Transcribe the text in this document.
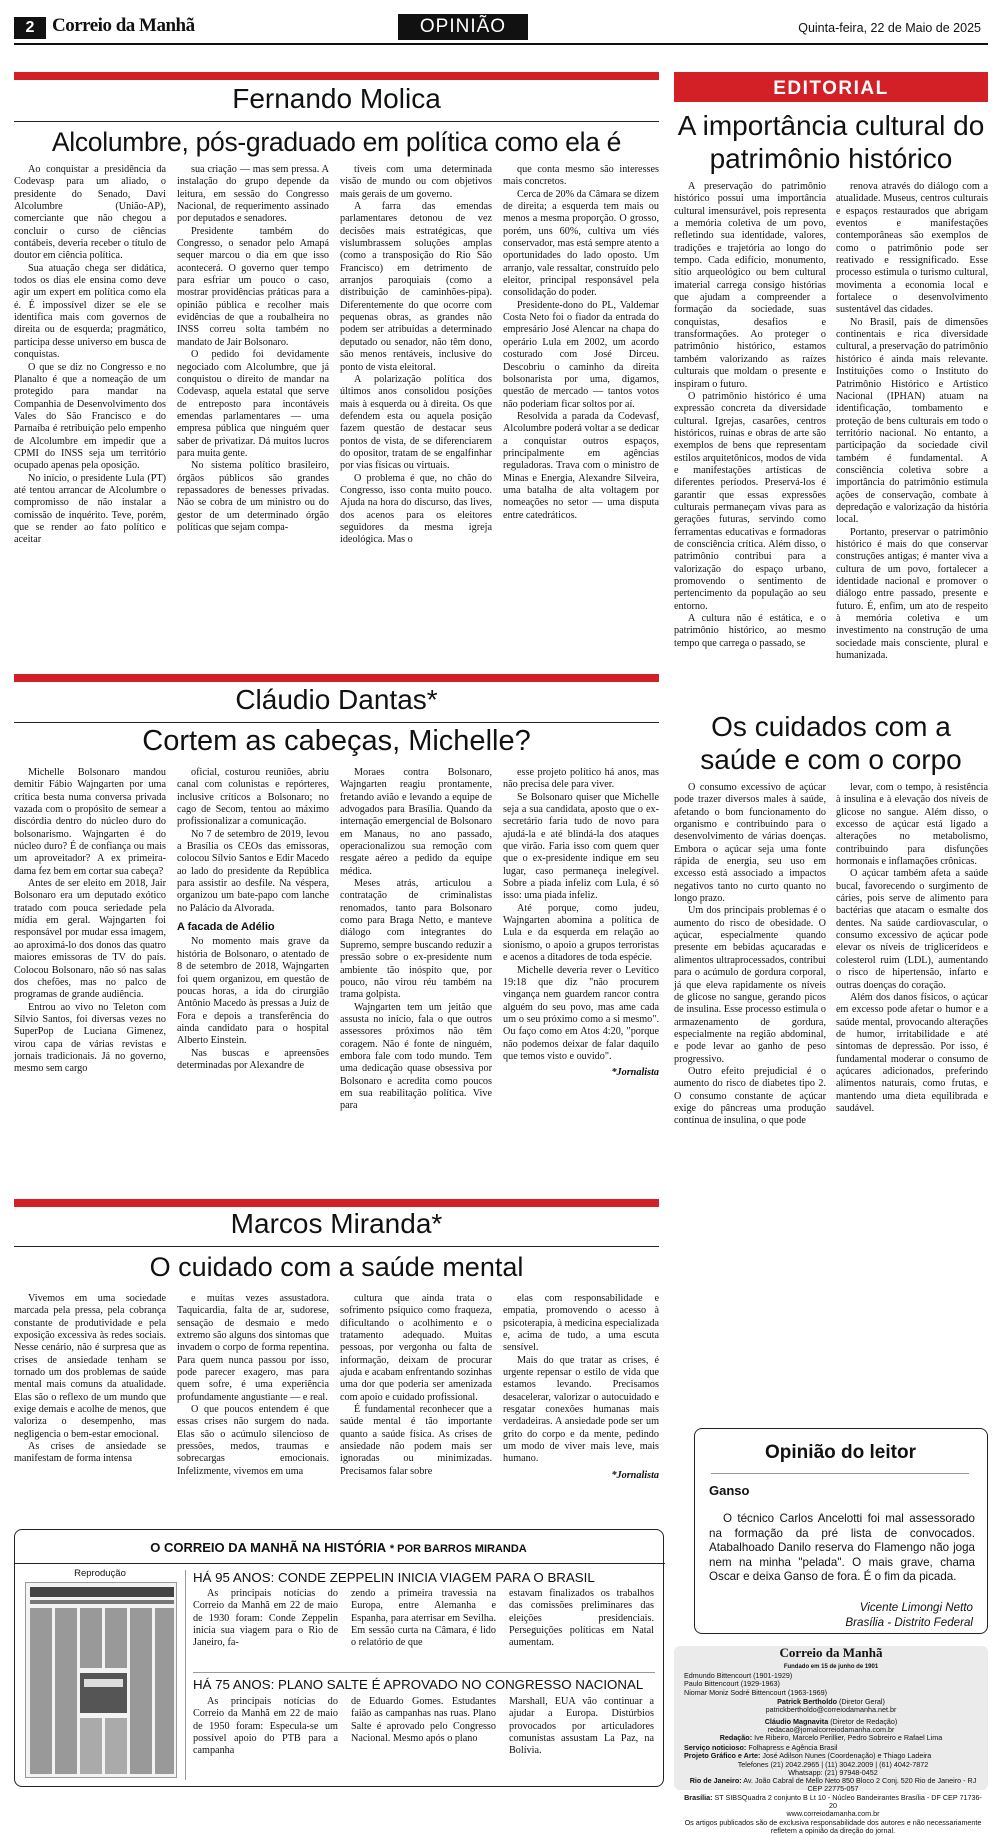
2 Correio da Manhã	OPINIÃO	Quinta-feira, 22 de Maio de 2025
Fernando Molica
Alcolumbre, pós-graduado em política como ela é

Ao conquistar a presidência da Codevasp para um aliado, o presidente do Senado, Davi Alcolumbre (União-AP), comerciante que não chegou a concluir o curso de ciências contábeis, deveria receber o título de doutor em ciência política.

Sua atuação chega ser didática, todos os dias ele ensina como deve agir um expert em política como ela é. É impossível dizer se ele se identifica mais com governos de direita ou de esquerda; pragmático, participa desse universo em busca de conquistas.

O que se diz no Congresso e no Planalto é que a nomeação de um protegido para mandar na Companhia de Desenvolvimento dos Vales do São Francisco e do Parnaíba é retribuição pelo empenho de Alcolumbre em impedir que a CPMI do INSS seja um território ocupado apenas pela oposição.

No início, o presidente Lula (PT) até tentou arrancar de Alcolumbre o compromisso de não instalar a comissão de inquérito. Teve, porém, que se render ao fato político e aceitar

sua criação — mas sem pressa. A instalação do grupo depende da leitura, em sessão do Congresso Nacional, de requerimento assinado por deputados e senadores.

Presidente também do Congresso, o senador pelo Amapá sequer marcou o dia em que isso acontecerá. O governo quer tempo para esfriar um pouco o caso, mostrar providências práticas para a opinião pública e recolher mais evidências de que a roubalheira no INSS correu solta também no mandato de Jair Bolsonaro.

O pedido foi devidamente negociado com Alcolumbre, que já conquistou o direito de mandar na Codevasp, aquela estatal que serve de entreposto para incontáveis emendas parlamentares — uma empresa pública que ninguém quer saber de privatizar. Dá muitos lucros para muita gente.

No sistema político brasileiro, órgãos públicos são grandes repassadores de benesses privadas. Não se cobra de um ministro ou do gestor de um determinado órgão políticas que sejam compa-

tíveis com uma determinada visão de mundo ou com objetivos mais gerais de um governo.

A farra das emendas parlamentares detonou de vez decisões mais estratégicas, que vislumbrassem soluções amplas (como a transposição do Rio São Francisco) em detrimento de arranjos paroquiais (como a distribuição de caminhões-pipa). Diferentemente do que ocorre com pequenas obras, as grandes não podem ser atribuídas a determinado deputado ou senador, não têm dono, são menos rentáveis, inclusive do ponto de vista eleitoral.

A polarização política dos últimos anos consolidou posições mais à esquerda ou à direita. Os que defendem esta ou aquela posição fazem questão de destacar seus pontos de vista, de se diferenciarem do opositor, tratam de se engalfinhar por vias físicas ou virtuais.

O problema é que, no chão do Congresso, isso conta muito pouco. Ajuda na hora do discurso, das lives, dos acenos para os eleitores seguidores da mesma igreja ideológica. Mas o

que conta mesmo são interesses mais concretos.

Cerca de 20% da Câmara se dizem de direita; a esquerda tem mais ou menos a mesma proporção. O grosso, porém, uns 60%, cultiva um viés conservador, mas está sempre atento a oportunidades do lado oposto. Um arranjo, vale ressaltar, construído pelo eleitor, principal responsável pela consolidação do poder.

Presidente-dono do PL, Valdemar Costa Neto foi o fiador da entrada do empresário José Alencar na chapa do operário Lula em 2002, um acordo costurado com José Dirceu. Descobriu o caminho da direita bolsonarista por uma, digamos, questão de mercado — tantos votos não poderiam ficar soltos por aí.

Resolvida a parada da Codevasf, Alcolumbre poderá voltar a se dedicar a conquistar outros espaços, principalmente em agências reguladoras. Trava com o ministro de Minas e Energia, Alexandre Silveira, uma batalha de alta voltagem por nomeações no setor — uma disputa entre catedráticos.

EDITORIAL
A importância cultural do patrimônio histórico

A preservação do patrimônio histórico possui uma importância cultural imensurável, pois representa a memória coletiva de um povo, refletindo sua identidade, valores, tradições e trajetória ao longo do tempo. Cada edifício, monumento, sítio arqueológico ou bem cultural imaterial carrega consigo histórias que ajudam a compreender a formação da sociedade, suas conquistas, desafios e transformações. Ao proteger o patrimônio histórico, estamos também valorizando as raízes culturais que moldam o presente e inspiram o futuro.

O patrimônio histórico é uma expressão concreta da diversidade cultural. Igrejas, casarões, centros históricos, ruínas e obras de arte são exemplos de bens que representam estilos arquitetônicos, modos de vida e manifestações artísticas de diferentes períodos. Preservá-los é garantir que essas expressões culturais permaneçam vivas para as gerações futuras, servindo como ferramentas educativas e formadoras de consciência crítica. Além disso, o patrimônio contribui para a valorização do espaço urbano, promovendo o sentimento de pertencimento da população ao seu entorno.

A cultura não é estática, e o patrimônio histórico, ao mesmo tempo que carrega o passado, se

renova através do diálogo com a atualidade. Museus, centros culturais e espaços restaurados que abrigam eventos e manifestações contemporâneas são exemplos de como o patrimônio pode ser reativado e ressignificado. Esse processo estimula o turismo cultural, movimenta a economia local e fortalece o desenvolvimento sustentável das cidades.

No Brasil, país de dimensões continentais e rica diversidade cultural, a preservação do patrimônio histórico é ainda mais relevante. Instituições como o Instituto do Patrimônio Histórico e Artístico Nacional (IPHAN) atuam na identificação, tombamento e proteção de bens culturais em todo o território nacional. No entanto, a participação da sociedade civil também é fundamental. A consciência coletiva sobre a importância do patrimônio estimula ações de conservação, combate à depredação e valorização da história local.

Portanto, preservar o patrimônio histórico é mais do que conservar construções antigas; é manter viva a cultura de um povo, fortalecer a identidade nacional e promover o diálogo entre passado, presente e futuro. É, enfim, um ato de respeito à memória coletiva e um investimento na construção de uma sociedade mais consciente, plural e humanizada.

Os cuidados com a saúde e com o corpo

O consumo excessivo de açúcar pode trazer diversos males à saúde, afetando o bom funcionamento do organismo e contribuindo para o desenvolvimento de várias doenças. Embora o açúcar seja uma fonte rápida de energia, seu uso em excesso está associado a impactos negativos tanto no curto quanto no longo prazo.

Um dos principais problemas é o aumento do risco de obesidade. O açúcar, especialmente quando presente em bebidas açucaradas e alimentos ultraprocessados, contribui para o acúmulo de gordura corporal, já que eleva rapidamente os níveis de glicose no sangue, gerando picos de insulina. Esse processo estimula o armazenamento de gordura, especialmente na região abdominal, e pode levar ao ganho de peso progressivo.

Outro efeito prejudicial é o aumento do risco de diabetes tipo 2. O consumo constante de açúcar exige do pâncreas uma produção contínua de insulina, o que pode

levar, com o tempo, à resistência à insulina e à elevação dos níveis de glicose no sangue. Além disso, o excesso de açúcar está ligado a alterações no metabolismo, contribuindo para disfunções hormonais e inflamações crônicas.

O açúcar também afeta a saúde bucal, favorecendo o surgimento de cáries, pois serve de alimento para bactérias que atacam o esmalte dos dentes. Na saúde cardiovascular, o consumo excessivo de açúcar pode elevar os níveis de triglicerídeos e colesterol ruim (LDL), aumentando o risco de hipertensão, infarto e outras doenças do coração.

Além dos danos físicos, o açúcar em excesso pode afetar o humor e a saúde mental, provocando alterações de humor, irritabilidade e até sintomas de depressão. Por isso, é fundamental moderar o consumo de açúcares adicionados, preferindo alimentos naturais, como frutas, e mantendo uma dieta equilibrada e saudável.

Cláudio Dantas*
Cortem as cabeças, Michelle?

Michelle Bolsonaro mandou demitir Fábio Wajngarten por uma crítica besta numa conversa privada vazada com o propósito de semear a discórdia dentro do núcleo duro do bolsonarismo. Wajngarten é do núcleo duro? É de confiança ou mais um aproveitador? A ex primeira-dama fez bem em cortar sua cabeça?

Antes de ser eleito em 2018, Jair Bolsonaro era um deputado exótico tratado com pouca seriedade pela mídia em geral. Wajngarten foi responsável por mudar essa imagem, ao aproximá-lo dos donos das quatro maiores emissoras de TV do país. Colocou Bolsonaro, não só nas salas dos chefões, mas no palco de programas de grande audiência.

Entrou ao vivo no Teleton com Sílvio Santos, foi diversas vezes no SuperPop de Luciana Gimenez, virou capa de várias revistas e jornais tradicionais. Já no governo, mesmo sem cargo

oficial, costurou reuniões, abriu canal com colunistas e repórteres, inclusive críticos a Bolsonaro; no cago de Secom, tentou ao máximo profissionalizar a comunicação.

No 7 de setembro de 2019, levou a Brasília os CEOs das emissoras, colocou Sílvio Santos e Edir Macedo ao lado do presidente da República para assistir ao desfile. Na véspera, organizou um bate-papo com lanche no Palácio da Alvorada.

A facada de Adélio

No momento mais grave da história de Bolsonaro, o atentado de 8 de setembro de 2018, Wajngarten foi quem organizou, em questão de poucas horas, a ida do cirurgião Antônio Macedo às pressas a Juiz de Fora e depois a transferência do ainda candidato para o hospital Alberto Einstein.

Nas buscas e apreensões determinadas por Alexandre de

Moraes contra Bolsonaro, Wajngarten reagiu prontamente, fretando avião e levando a equipe de advogados para Brasília. Quando da internação emergencial de Bolsonaro em Manaus, no ano passado, operacionalizou sua remoção com resgate aéreo a pedido da equipe médica.

Meses atrás, articulou a contratação de criminalistas renomados, tanto para Bolsonaro como para Braga Netto, e manteve diálogo com integrantes do Supremo, sempre buscando reduzir a pressão sobre o ex-presidente num ambiente tão inóspito que, por pouco, não virou réu também na trama golpista.

Wajngarten tem um jeitão que assusta no início, fala o que outros assessores próximos não têm coragem. Não é fonte de ninguém, embora fale com todo mundo. Tem uma dedicação quase obsessiva por Bolsonaro e acredita como poucos em sua reabilitação política. Vive para

esse projeto político há anos, mas não precisa dele para viver.

Se Bolsonaro quiser que Michelle seja a sua candidata, aposto que o ex-secretário faria tudo de novo para ajudá-la e até blindá-la dos ataques que virão. Faria isso com quem quer que o ex-presidente indique em seu lugar, caso permaneça inelegível. Sobre a piada infeliz com Lula, é só isso: uma piada infeliz.

Até porque, como judeu, Wajngarten abomina a política de Lula e da esquerda em relação ao sionismo, o apoio a grupos terroristas e acenos a ditadores de toda espécie.

Michelle deveria rever o Levítico 19:18 que diz "não procurem vingança nem guardem rancor contra alguém do seu povo, mas ame cada um o seu próximo como a si mesmo". Ou faço como em Atos 4:20, "porque não podemos deixar de falar daquilo que temos visto e ouvido".

*Jornalista

Marcos Miranda*
O cuidado com a saúde mental

Vivemos em uma sociedade marcada pela pressa, pela cobrança constante de produtividade e pela exposição excessiva às redes sociais. Nesse cenário, não é surpresa que as crises de ansiedade tenham se tornado um dos problemas de saúde mental mais comuns da atualidade. Elas são o reflexo de um mundo que exige demais e acolhe de menos, que valoriza o desempenho, mas negligencia o bem-estar emocional.

As crises de ansiedade se manifestam de forma intensa

e muitas vezes assustadora. Taquicardia, falta de ar, sudorese, sensação de desmaio e medo extremo são alguns dos sintomas que invadem o corpo de forma repentina. Para quem nunca passou por isso, pode parecer exagero, mas para quem sofre, é uma experiência profundamente angustiante — e real.

O que poucos entendem é que essas crises não surgem do nada. Elas são o acúmulo silencioso de pressões, medos, traumas e sobrecargas emocionais. Infelizmente, vivemos em uma

cultura que ainda trata o sofrimento psíquico como fraqueza, dificultando o acolhimento e o tratamento adequado. Muitas pessoas, por vergonha ou falta de informação, deixam de procurar ajuda e acabam enfrentando sozinhas uma dor que poderia ser amenizada com apoio e cuidado profissional.

É fundamental reconhecer que a saúde mental é tão importante quanto a saúde física. As crises de ansiedade não podem mais ser ignoradas ou minimizadas. Precisamos falar sobre

elas com responsabilidade e empatia, promovendo o acesso à psicoterapia, à medicina especializada e, acima de tudo, a uma escuta sensível.

Mais do que tratar as crises, é urgente repensar o estilo de vida que estamos levando. Precisamos desacelerar, valorizar o autocuidado e resgatar conexões humanas mais verdadeiras. A ansiedade pode ser um grito do corpo e da mente, pedindo um modo de viver mais leve, mais humano.

*Jornalista

Opinião do leitor
Ganso
O técnico Carlos Ancelotti foi mal assessorado na formação da pré lista de convocados. Atabalhoado Danilo reserva do Flamengo não joga nem na minha "pelada". O mais grave, chama Oscar e deixa Ganso de fora. É o fim da picada.
Vicente Limongi Netto
Brasília - Distrito Federal
O CORREIO DA MANHÃ NA HISTÓRIA * POR BARROS MIRANDA
Reprodução	HÁ 95 ANOS: CONDE ZEPPELIN INICIA VIAGEM PARA O BRASIL
As principais notícias do Correio da Manhã em 22 de maio de 1930 foram: Conde Zeppelin inicia sua viagem para o Rio de Janeiro, fa-
zendo a primeira travessia na Europa, entre Alemanha e Espanha, para aterrisar em Sevilha. Em sessão curta na Câmara, é lido o relatório de que
estavam finalizados os trabalhos das comissões preliminares das eleições presidenciais. Perseguições políticas em Natal aumentam.
HÁ 75 ANOS: PLANO SALTE É APROVADO NO CONGRESSO NACIONAL
As principais notícias do Correio da Manhã em 22 de maio de 1950 foram: Especula-se um possível apoio do PTB para a campanha
de Eduardo Gomes. Estudantes faião as campanhas nas ruas. Plano Salte é aprovado pelo Congresso Nacional. Mesmo após o plano
Marshall, EUA vão continuar a ajudar a Europa. Distúrbios provocados por articuladores comunistas assustam La Paz, na Bolívia.
Correio da Manhã
Fundado em 15 de junho de 1901
Edmundo Bittencourt (1901-1929)
Paulo Bittencourt (1929-1963)
Niomar Moniz Sodré Bittencourt (1963-1969)
Patrick Bertholdo (Diretor Geral)
patrickbertholdo@correiodamanha.net.br
Cláudio Magnavita (Diretor de Redação)
redacao@jornalcorreiodamanha.com.br
Redação: Ive Ribeiro, Marcelo Perillier, Pedro Sobreiro e Rafael Lima
Serviço noticioso: Folhapress e Agência Brasil
Projeto Gráfico e Arte: José Adilson Nunes (Coordenação) e Thiago Ladeira
Telefones (21) 2042.2965 | (11) 3042.2009 | (61) 4042-7872
Whatsapp: (21) 97948-0452
Rio de Janeiro: Av. João Cabral de Mello Neto 850 Bloco 2 Conj. 520 Rio de Janeiro - RJ CEP 22775-057
Brasília: ST SIBSQuadra 2 conjunto B Lt 10 - Núcleo Bandeirantes Brasília - DF CEP 71736-20
www.correiodamanha.com.br
Os artigos publicados são de exclusiva responsabilidade dos autores e não necessariamente refletem a opinião da direção do jornal.
